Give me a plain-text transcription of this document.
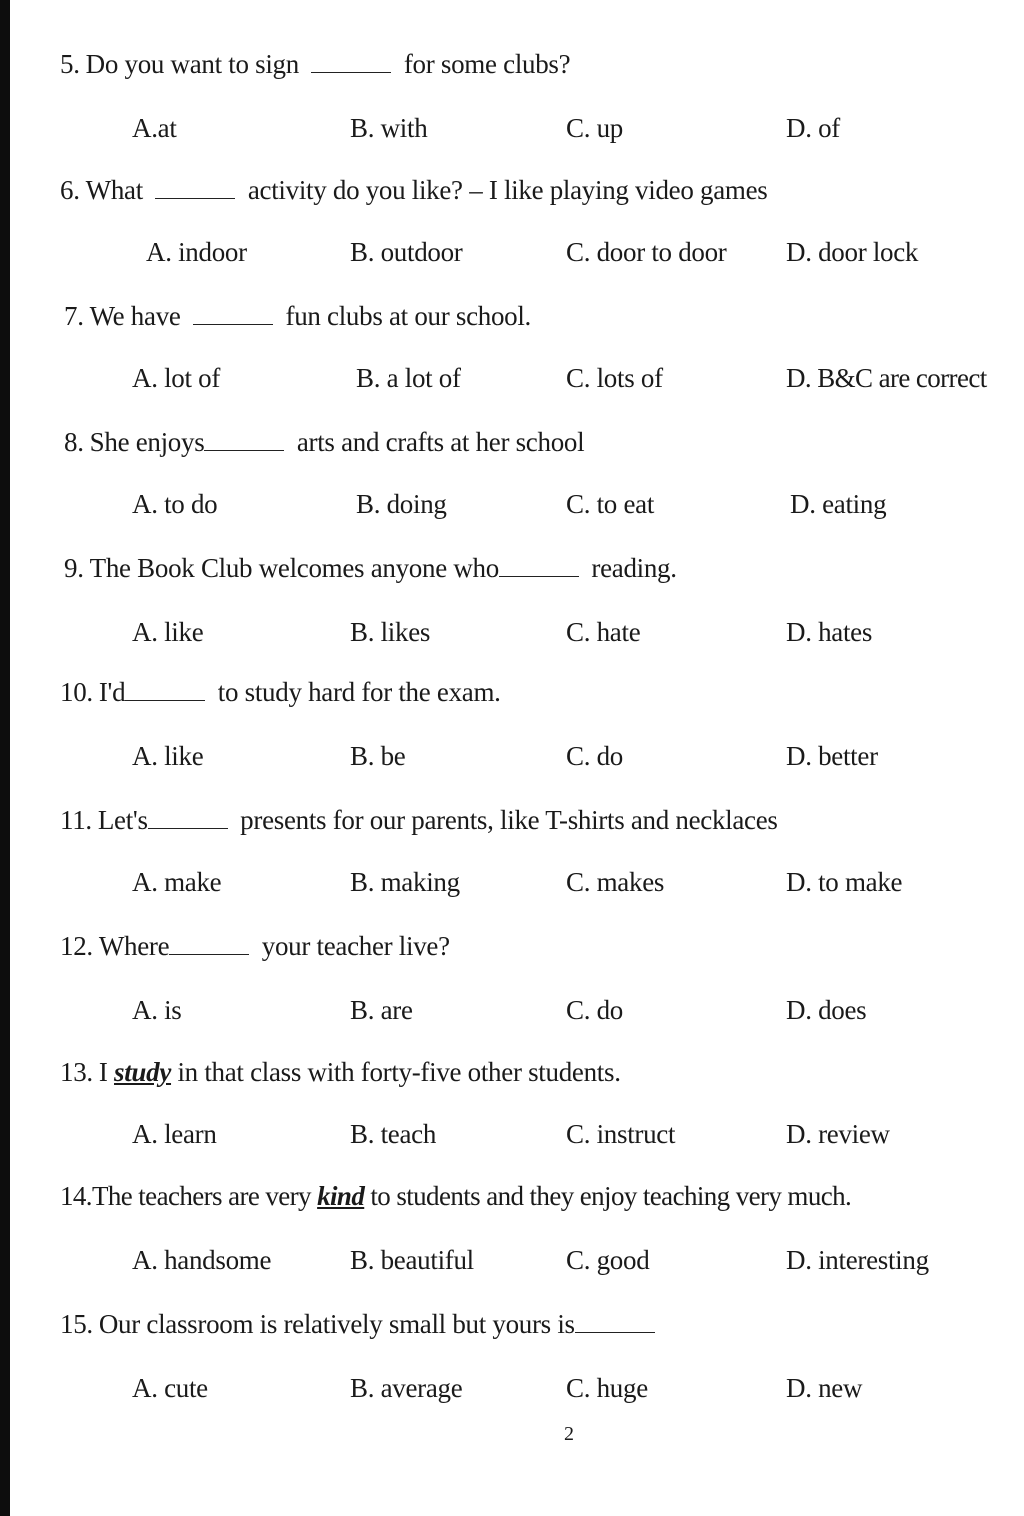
5. Do you want to sign	for some clubs?
A.at	B. with	C. up	D. of
6. What	activity do you like? – I like playing video games
A. indoor	B. outdoor	C. door to door D. door lock
7. We have	fun clubs at our school.
A. lot of	B. a lot of	C. lots of	D. B&C are correct
8. She enjoys	arts and crafts at her school
A. to do	B. doing	C. to eat	D. eating
9. The Book Club welcomes anyone who	reading.
A. like	B. likes	C. hate	D. hates
10. I'd	to study hard for the exam.
A. like	B. be	C. do	D. better
11. Let's	presents for our parents, like T-shirts and necklaces
A. make	B. making	C. makes	D. to make
12. Where	your teacher live?
A. is	B. are	C. do	D. does
13. I study in that class with forty-five other students.
A. learn	B. teach	C. instruct	D. review
14.The teachers are very kind to students and they enjoy teaching very much.
A. handsome	B. beautiful	C. good	D. interesting
15. Our classroom is relatively small but yours is
A. cute	B. average	C. huge	D. new
2
